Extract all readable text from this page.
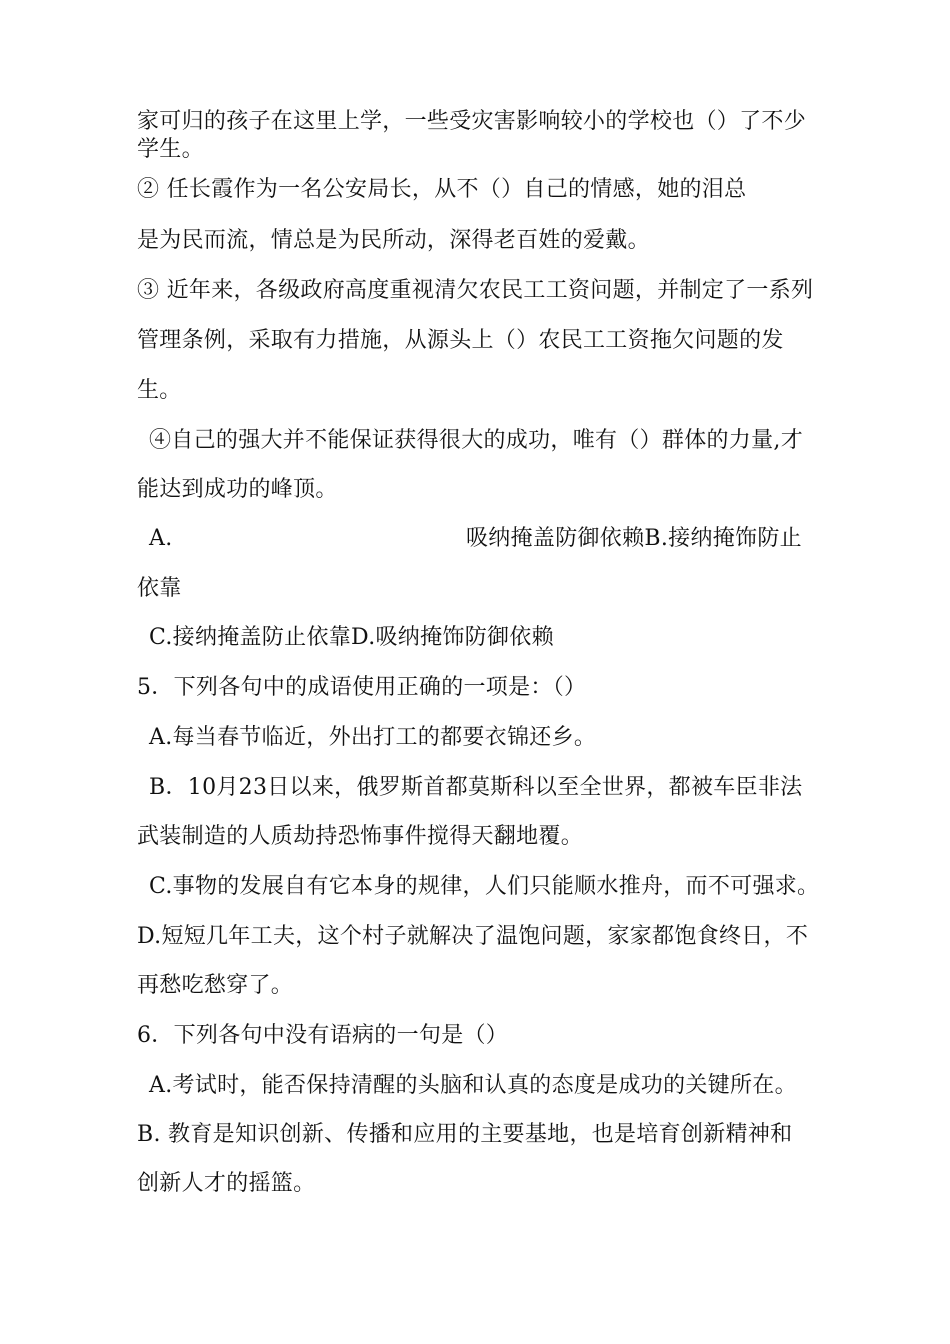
家可归的孩子在这里上学，一些受灾害影响较小的学校也（）了不少
学生。
② 任长霞作为一名公安局长，从不（）自己的情感，她的泪总
是为民而流，情总是为民所动，深得老百姓的爱戴。
③ 近年来，各级政府高度重视清欠农民工工资问题，并制定了一系列
管理条例，采取有力措施，从源头上（）农民工工资拖欠问题的发
生。
④自己的强大并不能保证获得很大的成功，唯有（）群体的力量,才
能达到成功的峰顶。
A.	吸纳掩盖防御依赖B.接纳掩饰防止
依靠
C.接纳掩盖防止依靠D.吸纳掩饰防御依赖
5．下列各句中的成语使用正确的一项是：（）
A.每当春节临近，外出打工的都要衣锦还乡。
B．10月23日以来，俄罗斯首都莫斯科以至全世界，都被车臣非法
武装制造的人质劫持恐怖事件搅得天翻地覆。
C.事物的发展自有它本身的规律，人们只能顺水推舟，而不可强求。
D.短短几年工夫，这个村子就解决了温饱问题，家家都饱食终日，不
再愁吃愁穿了。
6．下列各句中没有语病的一句是（）
A.考试时，能否保持清醒的头脑和认真的态度是成功的关键所在。
B. 教育是知识创新、传播和应用的主要基地，也是培育创新精神和
创新人才的摇篮。
